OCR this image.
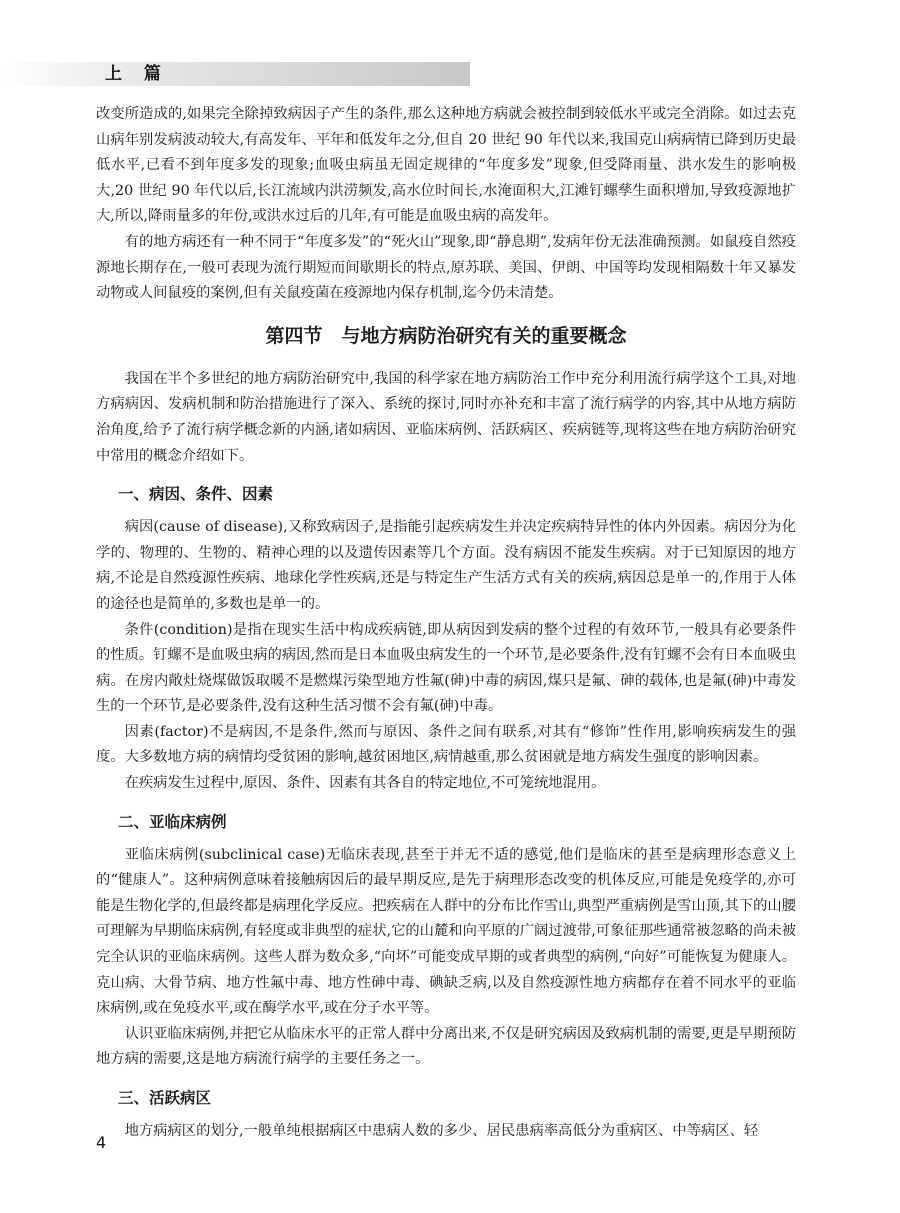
上 篇

改变所造成的,如果完全除掉致病因子产生的条件,那么这种地方病就会被控制到较低水平或完全消除。如过去克山病年别发病波动较大,有高发年、平年和低发年之分,但自 20 世纪 90 年代以来,我国克山病病情已降到历史最低水平,已看不到年度多发的现象;血吸虫病虽无固定规律的“年度多发”现象,但受降雨量、洪水发生的影响极大,20 世纪 90 年代以后,长江流域内洪涝频发,高水位时间长,水淹面积大,江滩钉螺孳生面积增加,导致疫源地扩大,所以,降雨量多的年份,或洪水过后的几年,有可能是血吸虫病的高发年。

有的地方病还有一种不同于“年度多发”的“死火山”现象,即“静息期”,发病年份无法准确预测。如鼠疫自然疫源地长期存在,一般可表现为流行期短而间歇期长的特点,原苏联、美国、伊朗、中国等均发现相隔数十年又暴发动物或人间鼠疫的案例,但有关鼠疫菌在疫源地内保存机制,迄今仍未清楚。

第四节　与地方病防治研究有关的重要概念

我国在半个多世纪的地方病防治研究中,我国的科学家在地方病防治工作中充分利用流行病学这个工具,对地方病病因、发病机制和防治措施进行了深入、系统的探讨,同时亦补充和丰富了流行病学的内容,其中从地方病防治角度,给予了流行病学概念新的内涵,诸如病因、亚临床病例、活跃病区、疾病链等,现将这些在地方病防治研究中常用的概念介绍如下。

一、病因、条件、因素

病因(cause of disease),又称致病因子,是指能引起疾病发生并决定疾病特异性的体内外因素。病因分为化学的、物理的、生物的、精神心理的以及遗传因素等几个方面。没有病因不能发生疾病。对于已知原因的地方病,不论是自然疫源性疾病、地球化学性疾病,还是与特定生产生活方式有关的疾病,病因总是单一的,作用于人体的途径也是简单的,多数也是单一的。

条件(condition)是指在现实生活中构成疾病链,即从病因到发病的整个过程的有效环节,一般具有必要条件的性质。钉螺不是血吸虫病的病因,然而是日本血吸虫病发生的一个环节,是必要条件,没有钉螺不会有日本血吸虫病。在房内敞灶烧煤做饭取暖不是燃煤污染型地方性氟(砷)中毒的病因,煤只是氟、砷的载体,也是氟(砷)中毒发生的一个环节,是必要条件,没有这种生活习惯不会有氟(砷)中毒。

因素(factor)不是病因,不是条件,然而与原因、条件之间有联系,对其有“修饰”性作用,影响疾病发生的强度。大多数地方病的病情均受贫困的影响,越贫困地区,病情越重,那么贫困就是地方病发生强度的影响因素。

在疾病发生过程中,原因、条件、因素有其各自的特定地位,不可笼统地混用。

二、亚临床病例

亚临床病例(subclinical case)无临床表现,甚至于并无不适的感觉,他们是临床的甚至是病理形态意义上的“健康人”。这种病例意味着接触病因后的最早期反应,是先于病理形态改变的机体反应,可能是免疫学的,亦可能是生物化学的,但最终都是病理化学反应。把疾病在人群中的分布比作雪山,典型严重病例是雪山顶,其下的山腰可理解为早期临床病例,有轻度或非典型的症状,它的山麓和向平原的广阔过渡带,可象征那些通常被忽略的尚未被完全认识的亚临床病例。这些人群为数众多,“向坏”可能变成早期的或者典型的病例,“向好”可能恢复为健康人。克山病、大骨节病、地方性氟中毒、地方性砷中毒、碘缺乏病,以及自然疫源性地方病都存在着不同水平的亚临床病例,或在免疫水平,或在酶学水平,或在分子水平等。

认识亚临床病例,并把它从临床水平的正常人群中分离出来,不仅是研究病因及致病机制的需要,更是早期预防地方病的需要,这是地方病流行病学的主要任务之一。

三、活跃病区

地方病病区的划分,一般单纯根据病区中患病人数的多少、居民患病率高低分为重病区、中等病区、轻

4
